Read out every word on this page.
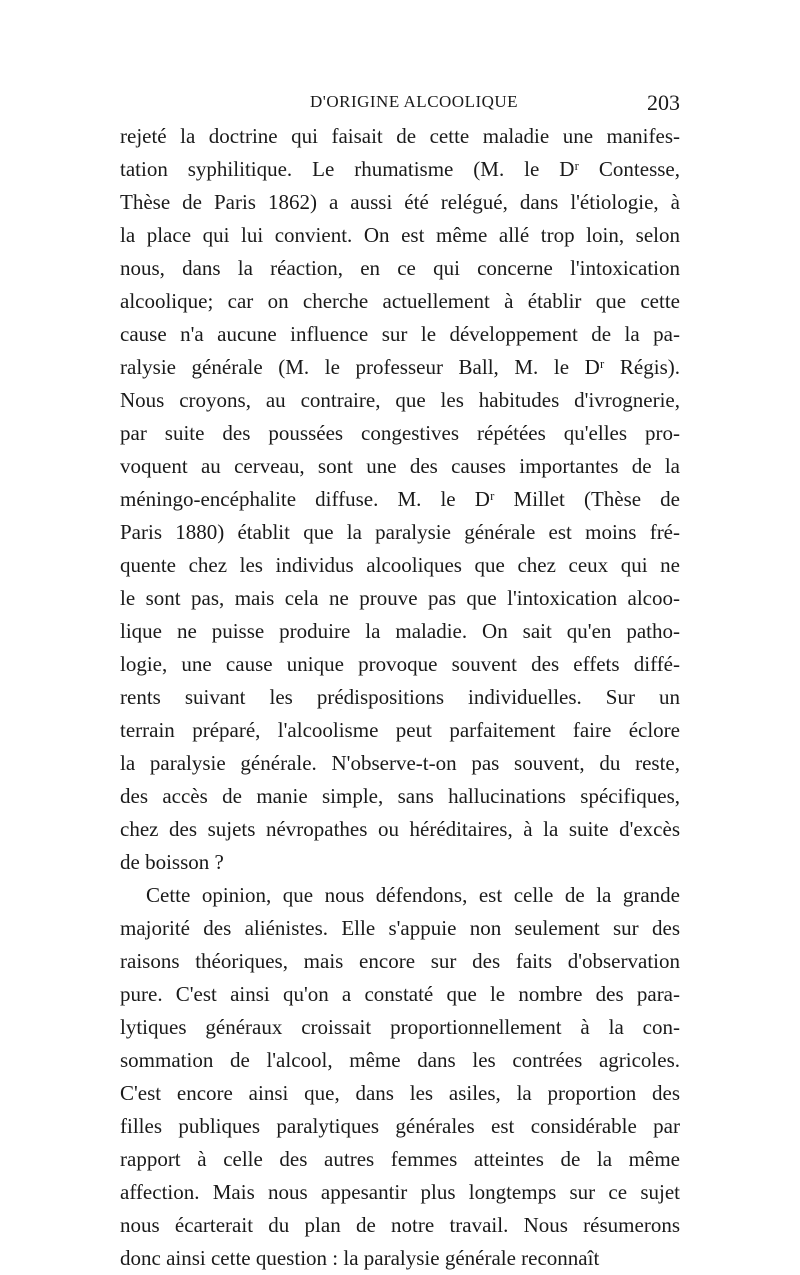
D'ORIGINE ALCOOLIQUE	203
rejeté la doctrine qui faisait de cette maladie une manifes-
tation syphilitique. Le rhumatisme (M. le Dʳ Contesse,
Thèse de Paris 1862) a aussi été relégué, dans l'étiologie, à
la place qui lui convient. On est même allé trop loin, selon
nous, dans la réaction, en ce qui concerne l'intoxication
alcoolique; car on cherche actuellement à établir que cette
cause n'a aucune influence sur le développement de la pa-
ralysie générale (M. le professeur Ball, M. le Dʳ Régis).
Nous croyons, au contraire, que les habitudes d'ivrognerie,
par suite des poussées congestives répétées qu'elles pro-
voquent au cerveau, sont une des causes importantes de la
méningo-encéphalite diffuse. M. le Dʳ Millet (Thèse de
Paris 1880) établit que la paralysie générale est moins fré-
quente chez les individus alcooliques que chez ceux qui ne
le sont pas, mais cela ne prouve pas que l'intoxication alcoo-
lique ne puisse produire la maladie. On sait qu'en patho-
logie, une cause unique provoque souvent des effets diffé-
rents suivant les prédispositions individuelles. Sur un
terrain préparé, l'alcoolisme peut parfaitement faire éclore
la paralysie générale. N'observe-t-on pas souvent, du reste,
des accès de manie simple, sans hallucinations spécifiques,
chez des sujets névropathes ou héréditaires, à la suite d'excès
de boisson ?
Cette opinion, que nous défendons, est celle de la grande
majorité des aliénistes. Elle s'appuie non seulement sur des
raisons théoriques, mais encore sur des faits d'observation
pure. C'est ainsi qu'on a constaté que le nombre des para-
lytiques généraux croissait proportionnellement à la con-
sommation de l'alcool, même dans les contrées agricoles.
C'est encore ainsi que, dans les asiles, la proportion des
filles publiques paralytiques générales est considérable par
rapport à celle des autres femmes atteintes de la même
affection. Mais nous appesantir plus longtemps sur ce sujet
nous écarterait du plan de notre travail. Nous résumerons
donc ainsi cette question : la paralysie générale reconnaît
